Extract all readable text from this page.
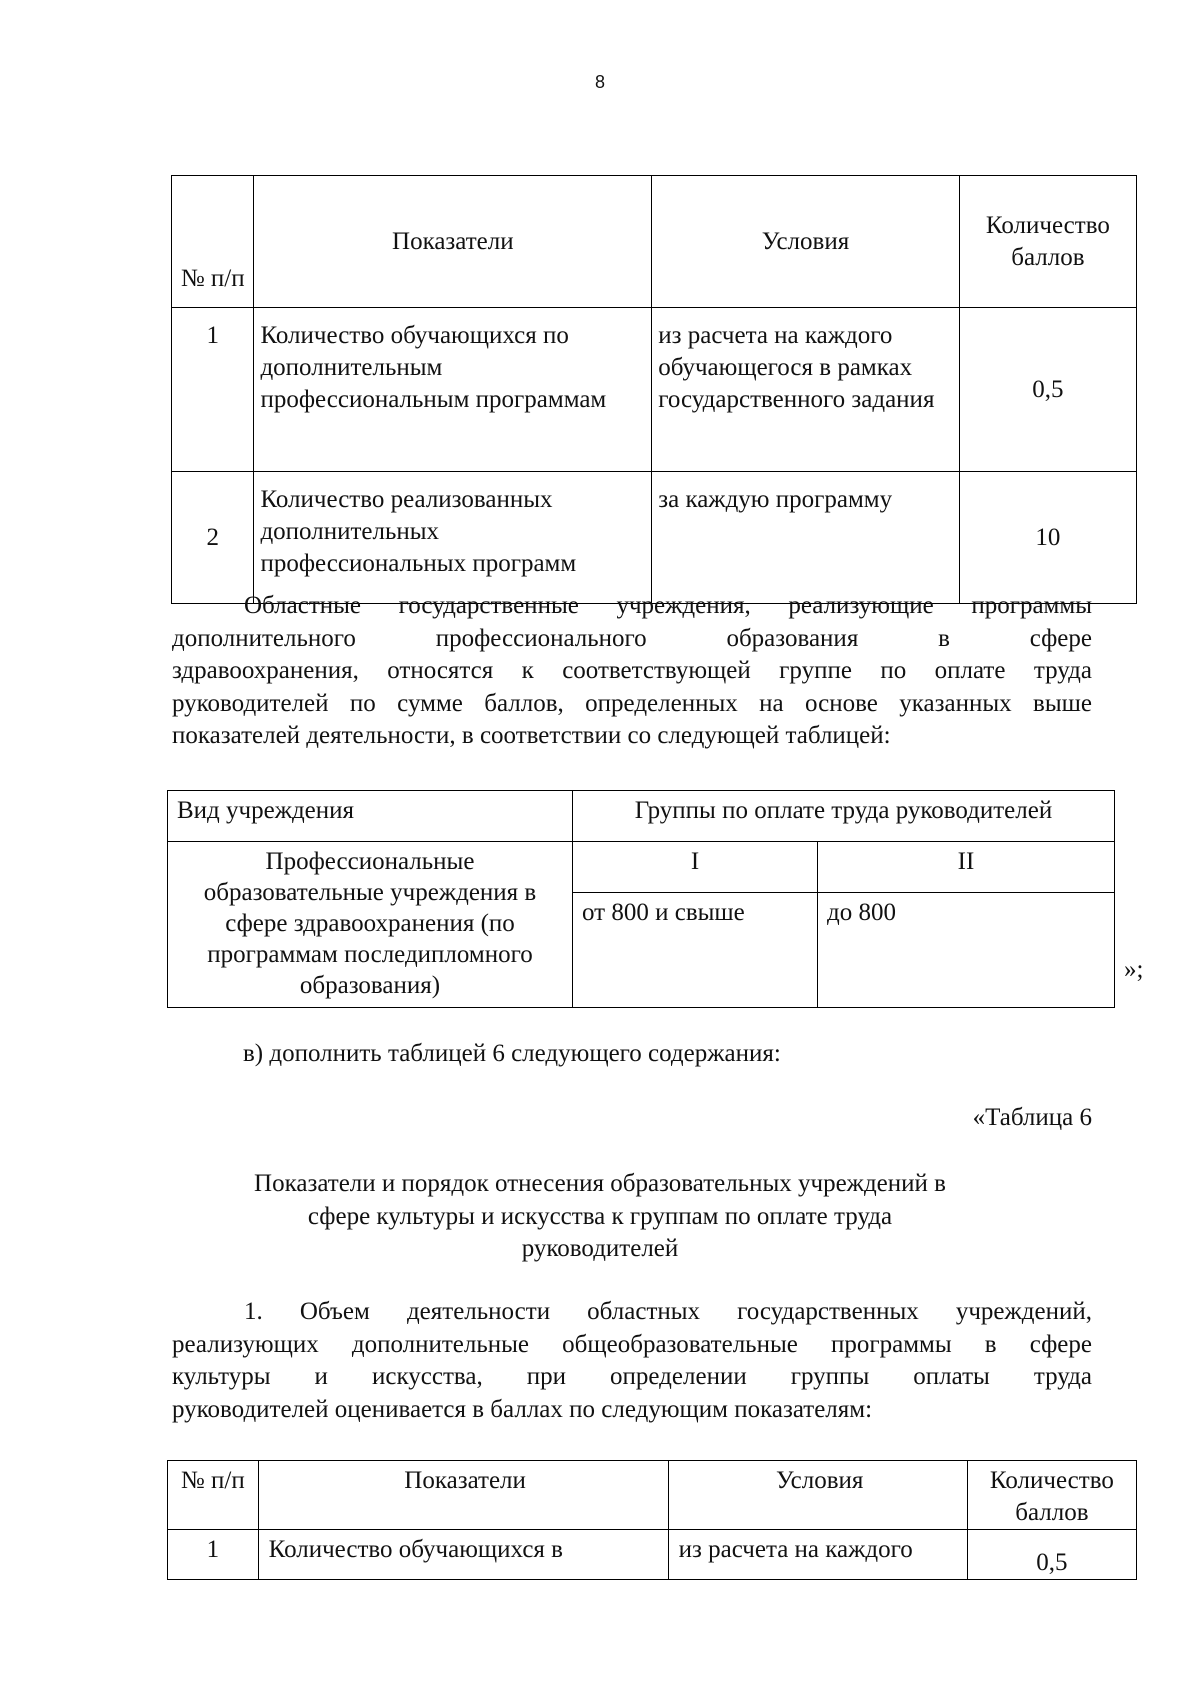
8
№ п/п	Показатели	Условия	Количество баллов
1	Количество обучающихся по дополнительным профессиональным программам	из расчета на каждого обучающегося в рамках государственного задания	0,5
2	Количество реализованных дополнительных профессиональных программ	за каждую программу	10
Областные государственные учреждения, реализующие программы
дополнительного профессионального образования в сфере
здравоохранения, относятся к соответствующей группе по оплате труда
руководителей по сумме баллов, определенных на основе указанных выше
показателей деятельности, в соответствии со следующей таблицей:
Вид учреждения	Группы по оплате труда руководителей	
Профессиональные образовательные учреждения в сфере здравоохранения (по программам последипломного образования)	I	II
	от 800 и свыше	до 800
»;
в) дополнить таблицей 6 следующего содержания:
«Таблица 6
Показатели и порядок отнесения образовательных учреждений в сфере культуры и искусства к группам по оплате труда руководителей
1. Объем деятельности областных государственных учреждений,
реализующих дополнительные общеобразовательные программы в сфере
культуры и искусства, при определении группы оплаты труда
руководителей оценивается в баллах по следующим показателям:
№ п/п	Показатели	Условия	Количество баллов
1	Количество обучающихся в	из расчета на каждого	0,5
